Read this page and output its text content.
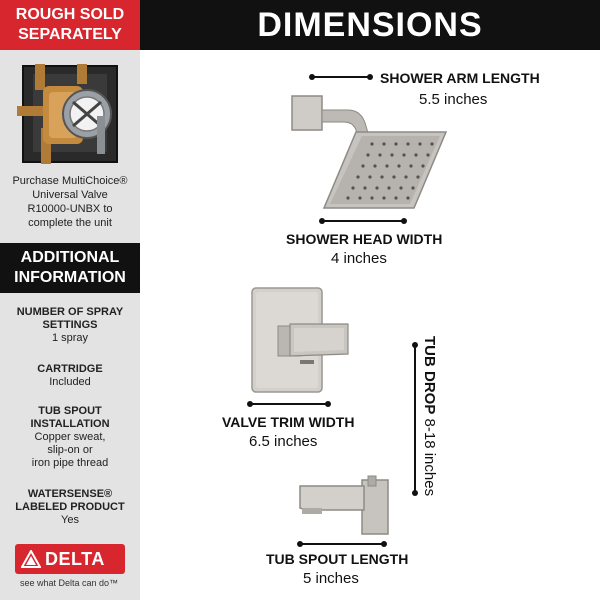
ROUGH SOLD
SEPARATELY
Purchase MultiChoice®
Universal Valve
R10000-UNBX to
complete the unit
ADDITIONAL
INFORMATION
NUMBER OF SPRAY
SETTINGS
1 spray
CARTRIDGE
Included
TUB SPOUT
INSTALLATION
Copper sweat,
slip-on or
iron pipe thread
WATERSENSE®
LABELED PRODUCT
Yes
DELTA
see what Delta can do™
DIMENSIONS
SHOWER ARM LENGTH
5.5 inches
SHOWER HEAD WIDTH
4 inches
VALVE TRIM WIDTH
6.5 inches
TUB SPOUT LENGTH
5 inches
TUB DROP 8-18 inches
